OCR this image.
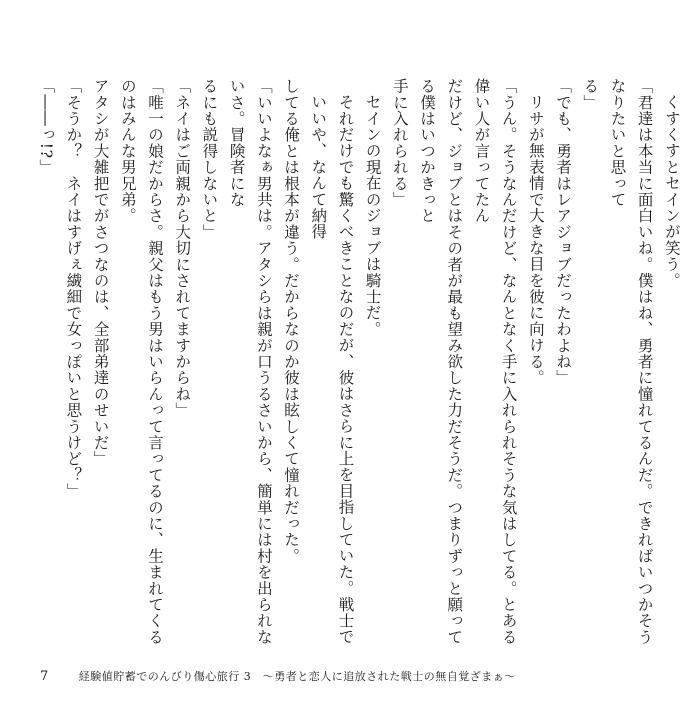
くすくすとセインが笑う。
「君達は本当に面白いね。僕はね、勇者に憧れてるんだ。できればいつかそうなりたいと思って
る」
「でも、勇者はレアジョブだったわよね」
リサが無表情で大きな目を彼に向ける。
「うん。そうなんだけど、なんとなく手に入れられそうな気はしてる。とある偉い人が言ってたん
だけど、ジョブとはその者が最も望み欲した力だそうだ。つまりずっと願ってる僕はいつかきっと
手に入れられる」
セインの現在のジョブは騎士だ。
それだけでも驚くべきことなのだが、彼はさらに上を目指していた。戦士でいいや、なんて納得
してる俺とは根本が違う。だからなのか彼は眩しくて憧れだった。
「いいよなぁ男共は。アタシらは親が口うるさいから、簡単には村を出られないさ。冒険者にな
るにも説得しないと」
「ネイはご両親から大切にされてますからね」
「唯一の娘だからさ。親父はもう男はいらんって言ってるのに、生まれてくるのはみんな男兄弟。
アタシが大雑把でがさつなのは、全部弟達のせいだ」
「そうか？　ネイはすげぇ繊細で女っぽいと思うけど？」
「――っ!?」
7	経験値貯蓄でのんびり傷心旅行 3　～勇者と恋人に追放された戦士の無自覚ざまぁ～
